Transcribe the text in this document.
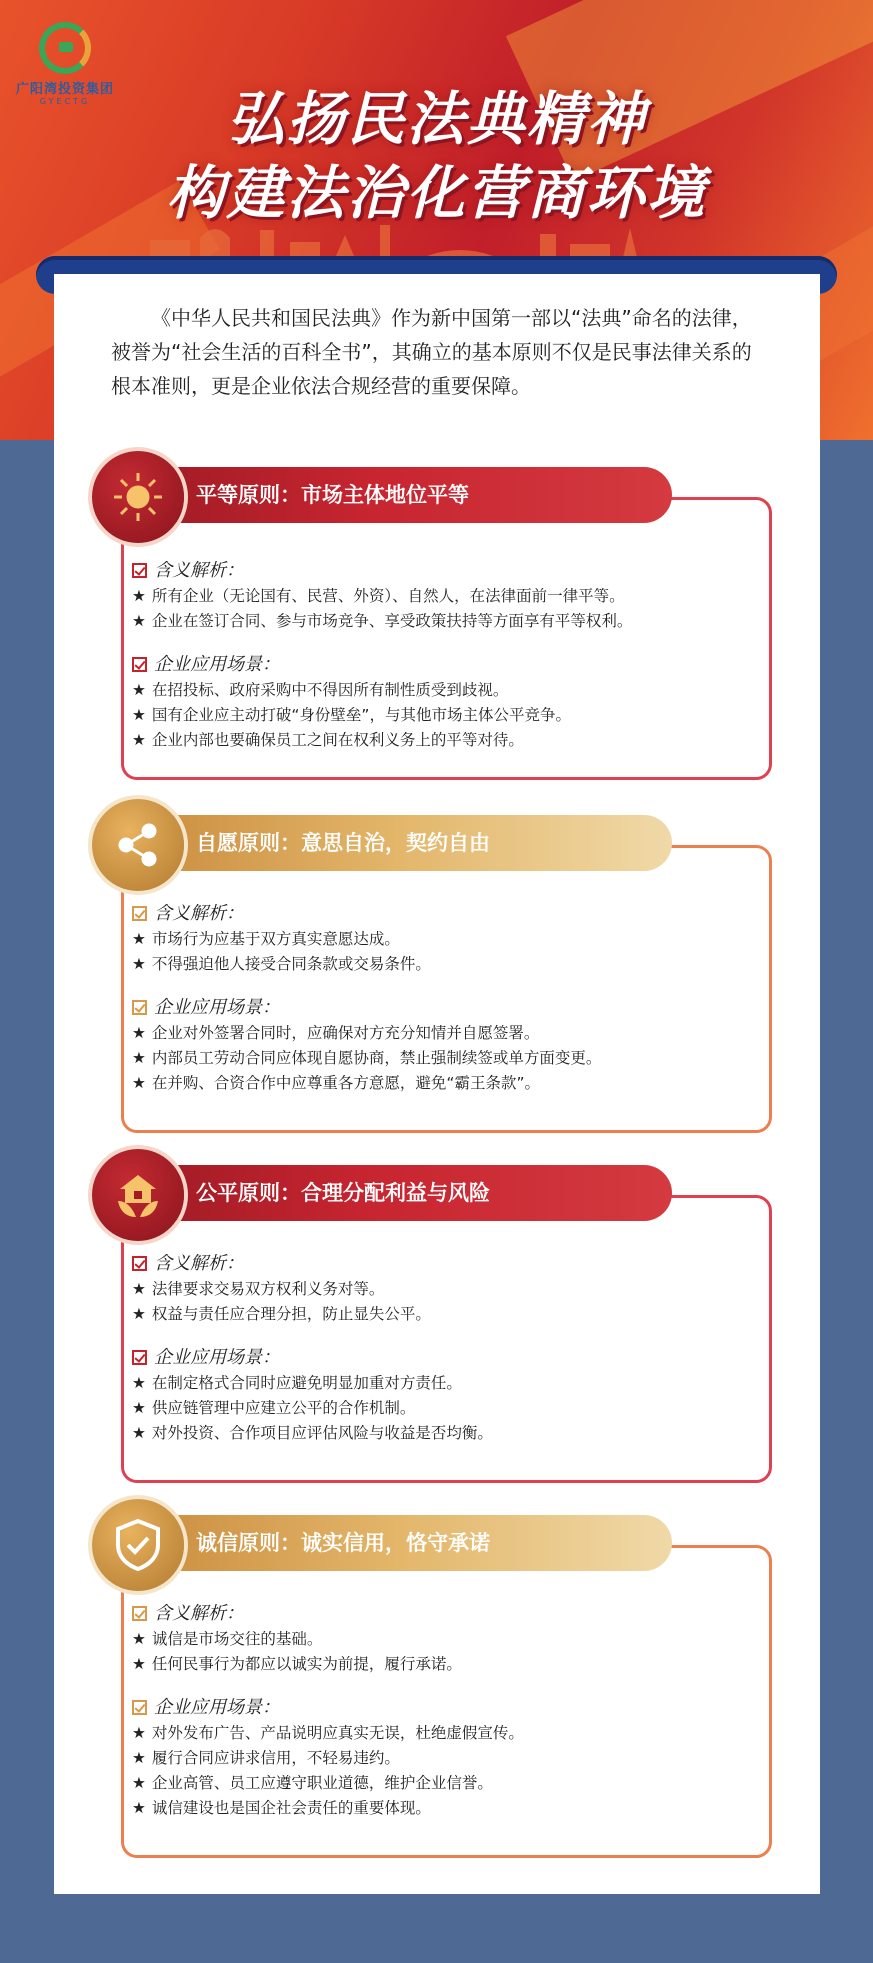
广阳湾投资集团
GYECTG	弘扬民法典精神
构建法治化营商环境
《中华人民共和国民法典》作为新中国第一部以“法典”命名的法律，被誉为“社会生活的百科全书”，其确立的基本原则不仅是民事法律关系的根本准则，更是企业依法合规经营的重要保障。
平等原则：市场主体地位平等
含义解析：
★ 所有企业（无论国有、民营、外资）、自然人，在法律面前一律平等。
★ 企业在签订合同、参与市场竞争、享受政策扶持等方面享有平等权利。
企业应用场景：
★ 在招投标、政府采购中不得因所有制性质受到歧视。
★ 国有企业应主动打破“身份壁垒”，与其他市场主体公平竞争。
★ 企业内部也要确保员工之间在权利义务上的平等对待。
自愿原则：意思自治，契约自由
含义解析：
★ 市场行为应基于双方真实意愿达成。
★ 不得强迫他人接受合同条款或交易条件。
企业应用场景：
★ 企业对外签署合同时，应确保对方充分知情并自愿签署。
★ 内部员工劳动合同应体现自愿协商，禁止强制续签或单方面变更。
★ 在并购、合资合作中应尊重各方意愿，避免“霸王条款”。
公平原则：合理分配利益与风险
含义解析：
★ 法律要求交易双方权利义务对等。
★ 权益与责任应合理分担，防止显失公平。
企业应用场景：
★ 在制定格式合同时应避免明显加重对方责任。
★ 供应链管理中应建立公平的合作机制。
★ 对外投资、合作项目应评估风险与收益是否均衡。
诚信原则：诚实信用，恪守承诺
含义解析：
★ 诚信是市场交往的基础。
★ 任何民事行为都应以诚实为前提，履行承诺。
企业应用场景：
★ 对外发布广告、产品说明应真实无误，杜绝虚假宣传。
★ 履行合同应讲求信用，不轻易违约。
★ 企业高管、员工应遵守职业道德，维护企业信誉。
★ 诚信建设也是国企社会责任的重要体现。
